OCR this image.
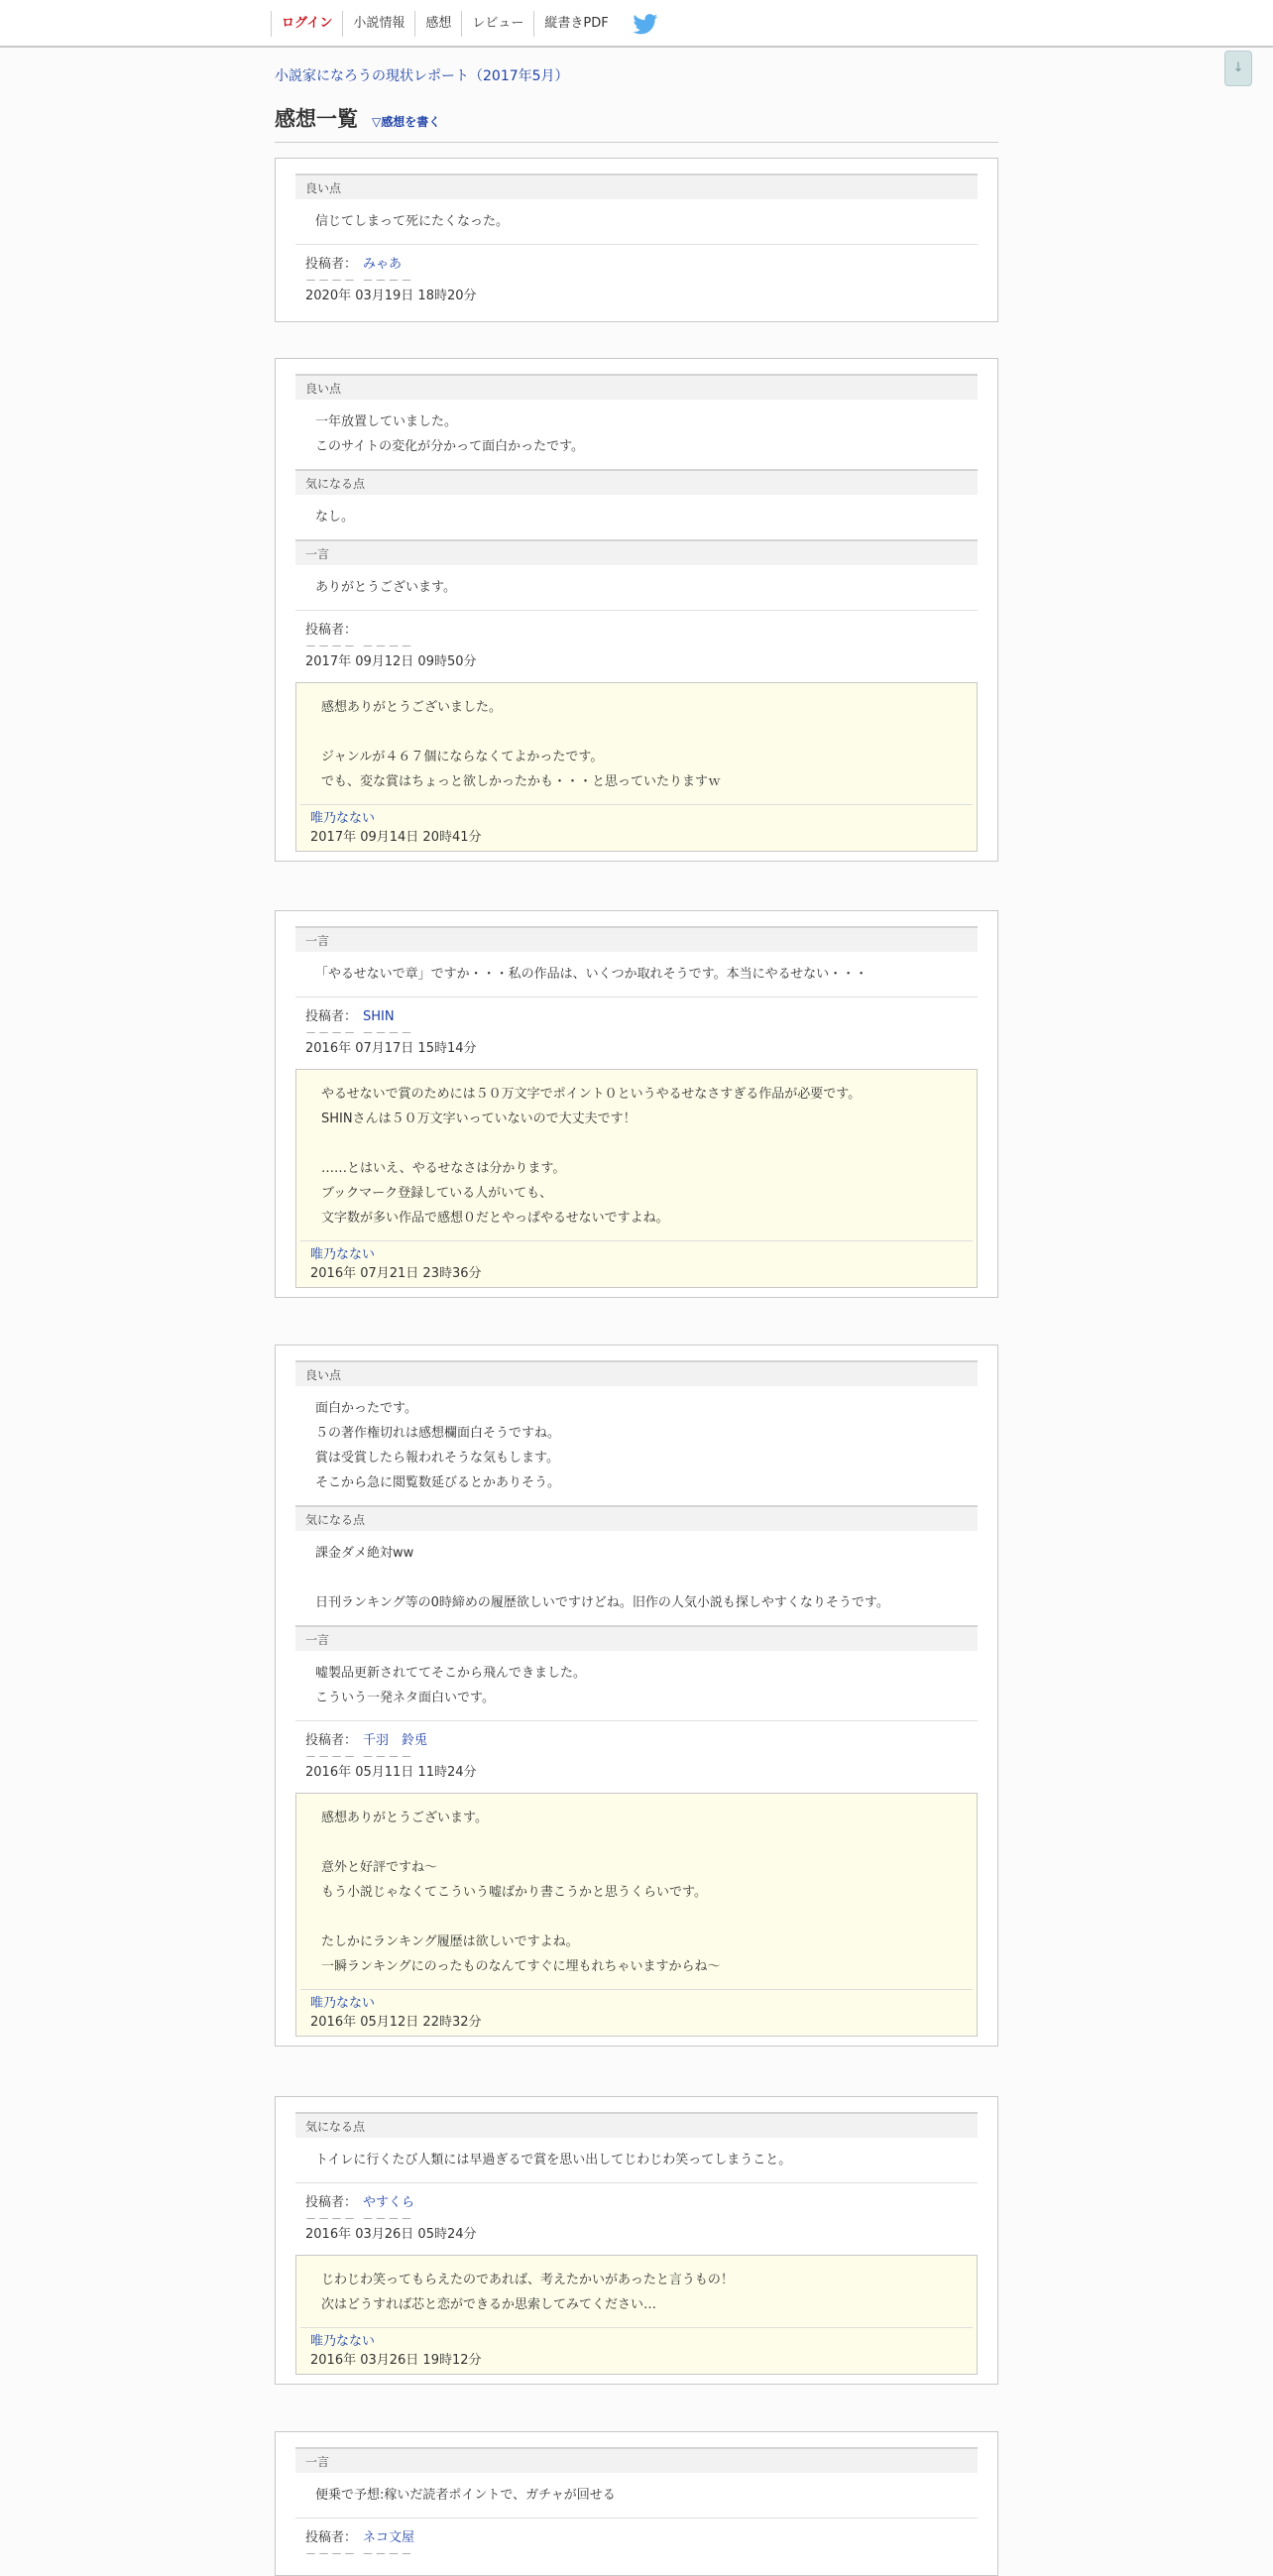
ログイン	小説情報	感想	レビュー	縦書きPDF
↓
小説家になろうの現状レポート（2017年5月）
感想一覧 ▽感想を書く
良い点
信じてしまって死にたくなった。
投稿者： みゃあ
－－－－ －－－－
2020年 03月19日 18時20分
良い点
一年放置していました。
このサイトの変化が分かって面白かったです。
気になる点
なし。
一言
ありがとうございます。
投稿者：
－－－－ －－－－
2017年 09月12日 09時50分
感想ありがとうございました。
ジャンルが４６７個にならなくてよかったです。
でも、変な賞はちょっと欲しかったかも・・・と思っていたりますｗ
唯乃なない
2017年 09月14日 20時41分
一言
「やるせないで章」ですか・・・私の作品は、いくつか取れそうです。本当にやるせない・・・
投稿者： SHIN
－－－－ －－－－
2016年 07月17日 15時14分
やるせないで賞のためには５０万文字でポイント０というやるせなさすぎる作品が必要です。
SHINさんは５０万文字いっていないので大丈夫です！
……とはいえ、やるせなさは分かります。
ブックマーク登録している人がいても、
文字数が多い作品で感想０だとやっぱやるせないですよね。
唯乃なない
2016年 07月21日 23時36分
良い点
面白かったです。
５の著作権切れは感想欄面白そうですね。
賞は受賞したら報われそうな気もします。
そこから急に閲覧数延びるとかありそう。
気になる点
課金ダメ絶対ww
日刊ランキング等の0時締めの履歴欲しいですけどね。旧作の人気小説も探しやすくなりそうです。
一言
嘘製品更新されててそこから飛んできました。
こういう一発ネタ面白いです。
投稿者： 千羽　鈴兎
－－－－ －－－－
2016年 05月11日 11時24分
感想ありがとうございます。
意外と好評ですね～
もう小説じゃなくてこういう嘘ばかり書こうかと思うくらいです。
たしかにランキング履歴は欲しいですよね。
一瞬ランキングにのったものなんてすぐに埋もれちゃいますからね～
唯乃なない
2016年 05月12日 22時32分
気になる点
トイレに行くたび人類には早過ぎるで賞を思い出してじわじわ笑ってしまうこと。
投稿者： やすくら
－－－－ －－－－
2016年 03月26日 05時24分
じわじわ笑ってもらえたのであれば、考えたかいがあったと言うもの！
次はどうすれば芯と恋ができるか思索してみてください…
唯乃なない
2016年 03月26日 19時12分
一言
便乗で予想:稼いだ読者ポイントで、ガチャが回せる
投稿者： ネコ文屋
－－－－ －－－－
